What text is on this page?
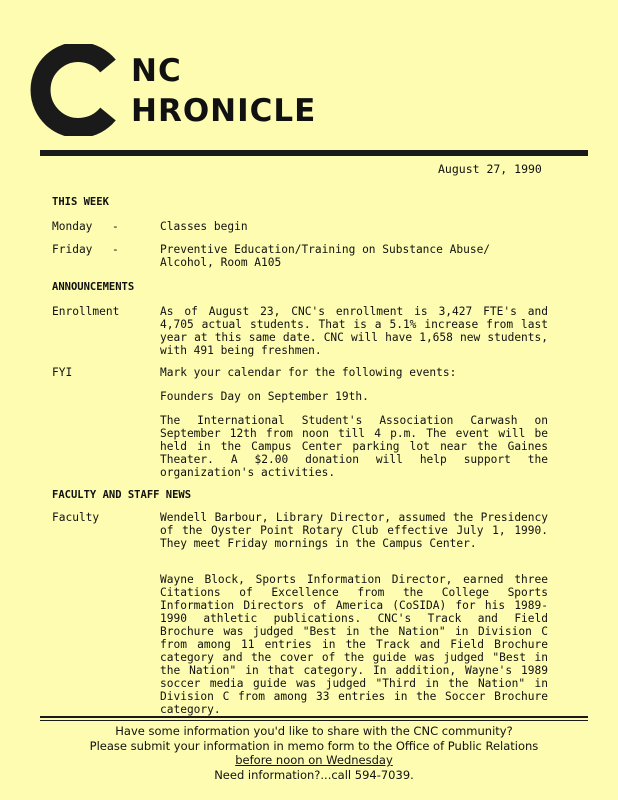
NC
HRONICLE
August 27, 1990
THIS WEEK
Monday -	Classes begin
Friday -	Preventive Education/Training on Substance Abuse/ Alcohol, Room A105
ANNOUNCEMENTS
Enrollment	As of August 23, CNC's enrollment is 3,427 FTE's and 4,705 actual students. That is a 5.1% increase from last year at this same date. CNC will have 1,658 new students, with 491 being freshmen.
FYI	Mark your calendar for the following events:
Founders Day on September 19th.
The International Student's Association Carwash on September 12th from noon till 4 p.m. The event will be held in the Campus Center parking lot near the Gaines Theater. A $2.00 donation will help support the organization's activities.
FACULTY AND STAFF NEWS
Faculty	Wendell Barbour, Library Director, assumed the Presidency of the Oyster Point Rotary Club effective July 1, 1990. They meet Friday mornings in the Campus Center.
Wayne Block, Sports Information Director, earned three Citations of Excellence from the College Sports Information Directors of America (CoSIDA) for his 1989-1990 athletic publications. CNC's Track and Field Brochure was judged "Best in the Nation" in Division C from among 11 entries in the Track and Field Brochure category and the cover of the guide was judged "Best in the Nation" in that category. In addition, Wayne's 1989 soccer media guide was judged "Third in the Nation" in Division C from among 33 entries in the Soccer Brochure category.
Have some information you'd like to share with the CNC community?
Please submit your information in memo form to the Office of Public Relations
before noon on Wednesday
Need information?...call 594-7039.
